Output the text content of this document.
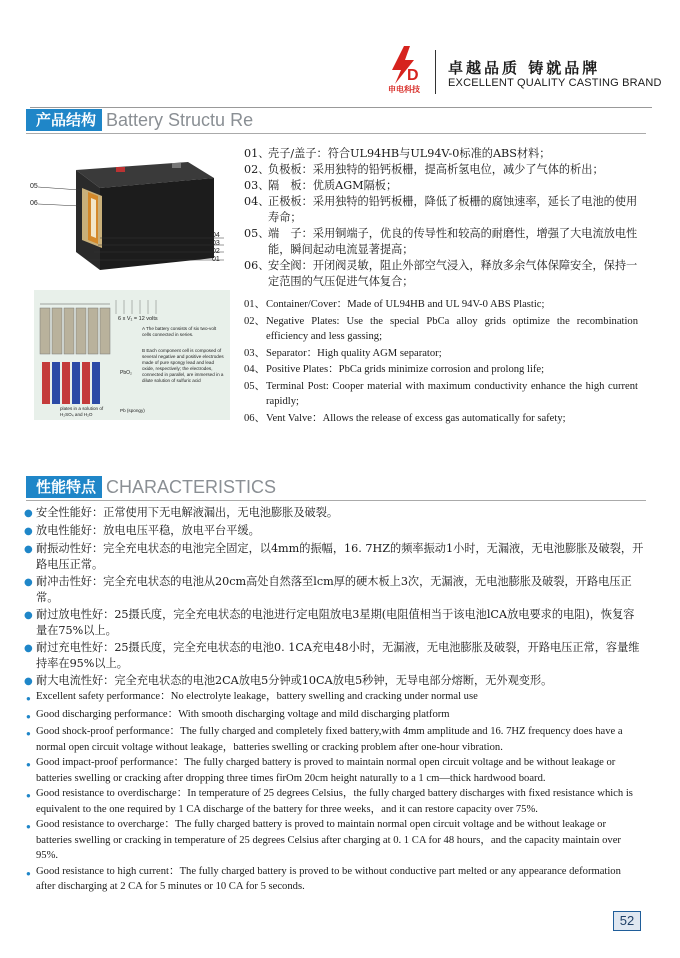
D
申电科技
卓越品质 铸就品牌
EXCELLENT QUALITY CASTING BRAND
产品结构 Battery Structu Re
05
06
04
03
02
01
01、
壳子/盖子：符合UL94HB与UL94V-0标准的ABS材料；
02、
负极板：采用独特的铅钙板栅，提高析氢电位，减少了气体的析出；
03、
隔　板：优质AGM隔板；
04、
正极板：采用独特的铅钙板栅，降低了板栅的腐蚀速率，延长了电池的使用寿命；
05、
端　子：采用铜端子，优良的传导性和较高的耐磨性，增强了大电流放电性能，瞬间起动电流显著提高；
06、
安全阀：开闭阀灵敏，阻止外部空气浸入，释放多余气体保障安全，保持一定范围的气压促进气体复合；
6 x V₁ = 12 volts
A The battery consists of six two-volt cells connected in series.
B Each component cell is composed of several negative and positive electrodes made of pure spongy lead and lead oxide, respectively; the electrodes, connected in parallel, are immersed in a dilute solution of sulfuric acid
PbO₂
plates in a solution of H₂SO₄ and H₂O
Pb (spongy)
01、 Container/Cover：Made of UL94HB and UL 94V-0 ABS Plastic;
02、 Negative Plates: Use the special PbCa alloy grids optimize the recombination efficiency and less gassing;
03、 Separator：High quality AGM separator;
04、 Positive Plates：PbCa grids minimize corrosion and prolong life;
05、 Terminal Post: Cooper material with maximum conductivity enhance the high current rapidly;
06、 Vent Valve：Allows the release of excess gas automatically for safety;
性能特点 CHARACTERISTICS
● 安全性能好：正常使用下无电解液漏出，无电池膨胀及破裂。
● 放电性能好：放电电压平稳，放电平台平缓。
● 耐振动性好：完全充电状态的电池完全固定，以4mm的振幅，16. 7HZ的频率振动1小时，无漏液，无电池膨胀及破裂，开路电压正常。
● 耐冲击性好：完全充电状态的电池从20cm高处自然落至lcm厚的硬木板上3次，无漏液，无电池膨胀及破裂，开路电压正常。
● 耐过放电性好：25摄氏度，完全充电状态的电池进行定电阻放电3星期(电阻值相当于该电池lCA放电要求的电阻)，恢复容量在75%以上。
● 耐过充电性好：25摄氏度，完全充电状态的电池0. 1CA充电48小时，无漏液，无电池膨胀及破裂，开路电压正常，容量维持率在95%以上。
● 耐大电流性好：完全充电状态的电池2CA放电5分钟或10CA放电5秒钟，无导电部分熔断，无外观变形。
● Excellent safety performance：No electrolyte leakage，battery swelling and cracking under normal use
● Good discharging performance：With smooth discharging voltage and mild discharging platform
● Good shock-proof performance：The fully charged and completely fixed battery,with 4mm amplitude and 16. 7HZ frequency does have a normal open circuit voltage without leakage，batteries swelling or cracking problem after one-hour vibration.
● Good impact-proof performance：The fully charged battery is proved to maintain normal open circuit voltage and be without leakage or batteries swelling or cracking after dropping three times firOm 20cm height naturally to a 1 cm—thick hardwood board.
● Good resistance to overdischarge：In temperature of 25 degrees Celsius，the fully charged battery discharges with fixed resistance which is equivalent to the one required by 1 CA discharge of the battery for three weeks，and it can restore capacity over 75%.
● Good resistance to overcharge：The fully charged battery is proved to maintain normal open circuit voltage and be without leakage or batteries swelling or cracking in temperature of 25 degrees Celsius after charging at 0. 1 CA for 48 hours，and the capacity maintain over 95%.
● Good resistance to high current：The fully charged battery is proved to be without conductive part melted or any appearance deformation after discharging at 2 CA for 5 minutes or 10 CA for 5 seconds.
52
